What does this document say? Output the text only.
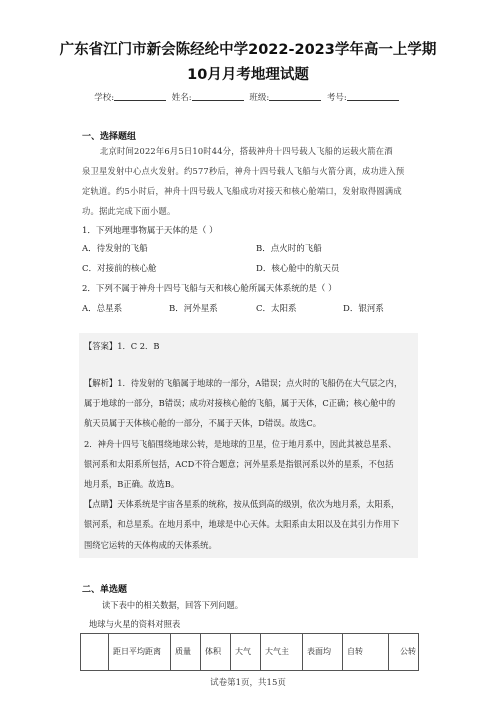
广东省江门市新会陈经纶中学2022-2023学年高一上学期
10月月考地理试题
学校:	姓名:	班级:	考号:
一、选择题组
北京时间2022年6月5日10时44分，搭载神舟十四号载人飞船的运载火箭在酒
泉卫星发射中心点火发射。约577秒后，神舟十四号载人飞船与火箭分离，成功进入预
定轨道。约5小时后，神舟十四号载人飞船成功对接天和核心舱端口，发射取得圆满成
功。据此完成下面小题。
1．下列地理事物属于天体的是（ ）
A．待发射的飞船	B．点火时的飞船
C．对接前的核心舱	D．核心舱中的航天员
2．下列不属于神舟十四号飞船与天和核心舱所属天体系统的是（ ）
A．总星系	B．河外星系	C．太阳系	D．银河系
【答案】1．C 2．B
【解析】1．待发射的飞船属于地球的一部分，A错误；点火时的飞船仍在大气层之内，
属于地球的一部分，B错误；成功对接核心舱的飞船，属于天体，C正确；核心舱中的
航天员属于天体核心舱的一部分，不属于天体，D错误。故选C。
2．神舟十四号飞船围绕地球公转，是地球的卫星，位于地月系中，因此其被总星系、
银河系和太阳系所包括，ACD不符合题意；河外星系是指银河系以外的星系，不包括
地月系，B正确。故选B。
【点睛】天体系统是宇宙各星系的统称，按从低到高的级别，依次为地月系，太阳系，
银河系，和总星系。在地月系中，地球是中心天体。太阳系由太阳以及在其引力作用下
围绕它运转的天体构成的天体系统。
二、单选题
读下表中的相关数据，回答下列问题。
地球与火星的资料对照表
	距日平均距离	质量	体积	大气	大气主	表面均	自转	公转
试卷第1页，共15页
